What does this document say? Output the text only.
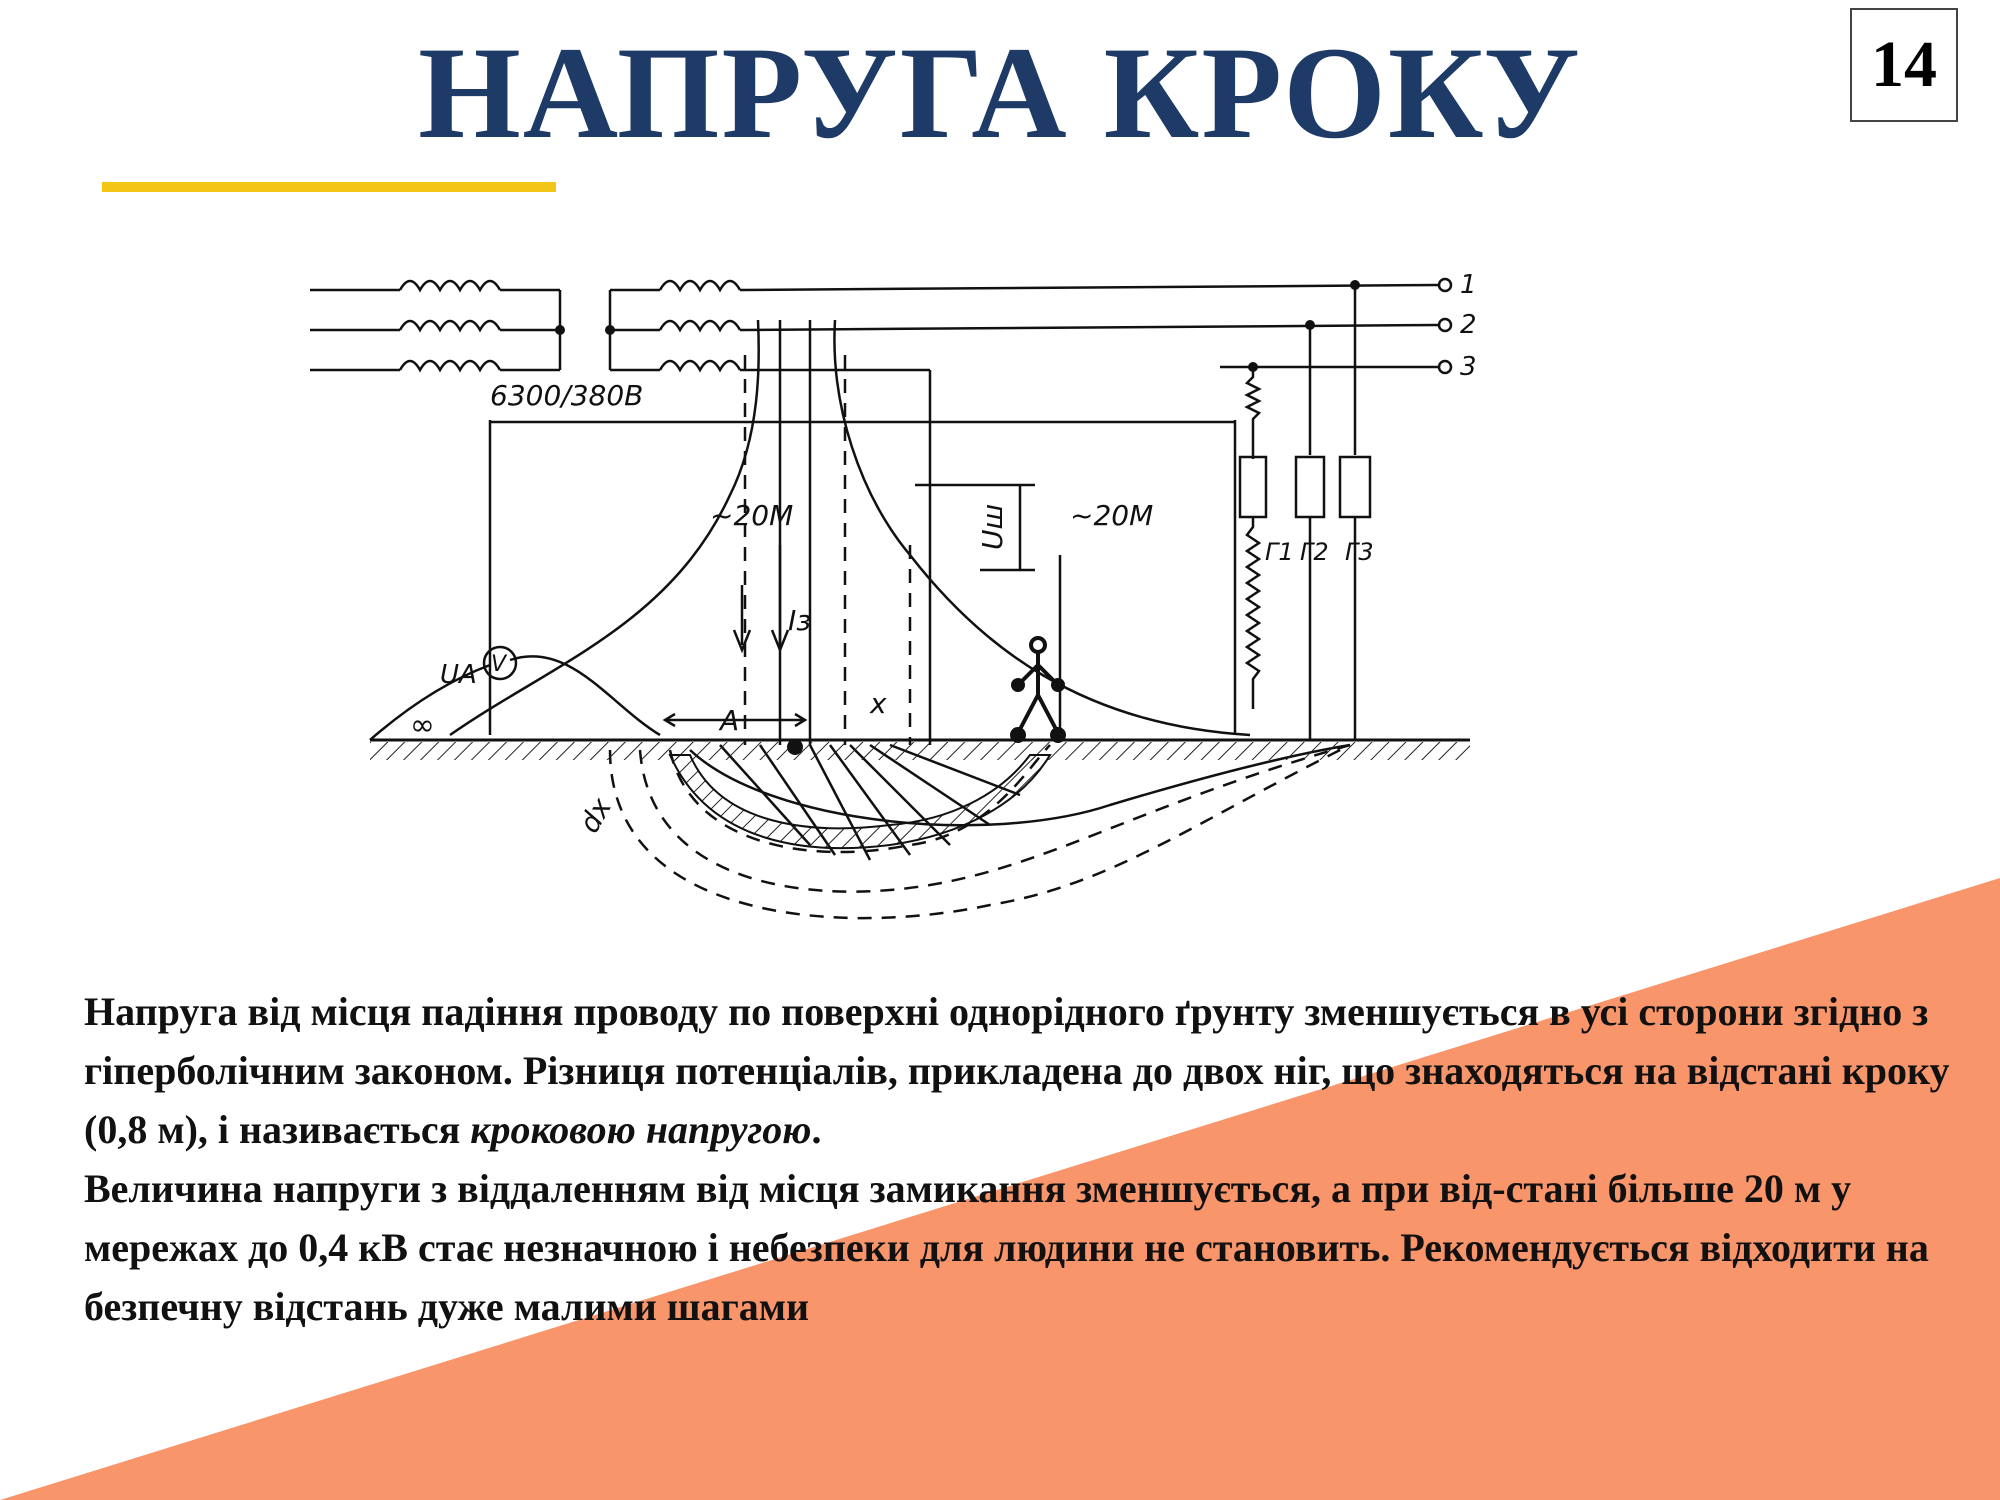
НАПРУГА КРОКУ	14
6300/380В
~20М	~20М
1
2
3
Г1 Г2 Г3
Uш
Iз
V
UА
∞	A
x
dx

Напруга від місця падіння проводу по поверхні однорідного ґрунту зменшується в усі сторони згідно з гіперболічним законом. Різниця потенціалів, прикладена до двох ніг, що знаходяться на відстані кроку (0,8 м), і називається кроковою напругою.

Величина напруги з віддаленням від місця замикання зменшується, а при від-стані більше 20 м у мережах до 0,4 кВ стає незначною і небезпеки для людини не становить. Рекомендується відходити на безпечну відстань дуже малими шагами
